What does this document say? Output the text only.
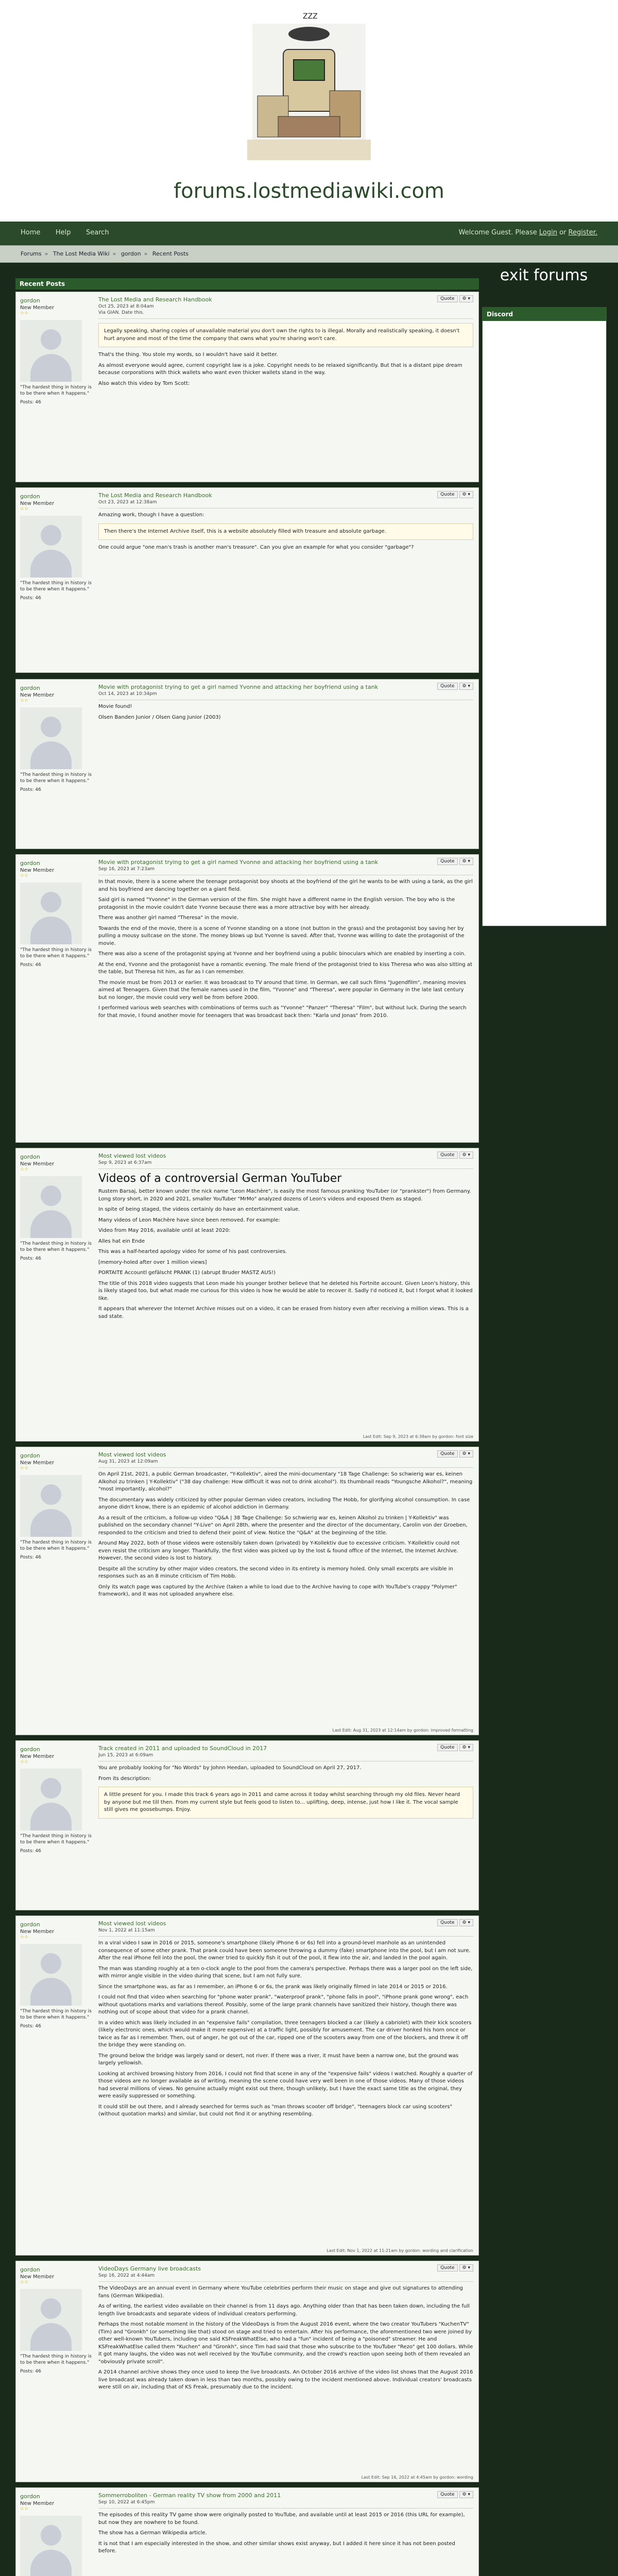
ZZZ
forums.lostmediawiki.com
Home Help Search	Welcome Guest. Please Login or Register.
Forums » The Lost Media Wiki » gordon » Recent Posts
Recent Posts	exit forums
Discord
gordon
New Member
☆☆
"The hardest thing in history is to be there when it happens."
Posts: 46
Quote ⚙ ▾
The Lost Media and Research Handbook
Oct 25, 2023 at 8:04am
Via GIAN. Date this.
Legally speaking, sharing copies of unavailable material you don't own the rights to is illegal. Morally and realistically speaking, it doesn't hurt anyone and most of the time the company that owns what you're sharing won't care.

That's the thing. You stole my words, so I wouldn't have said it better.

As almost everyone would agree, current copyright law is a joke. Copyright needs to be relaxed significantly. But that is a distant pipe dream because corporations with thick wallets who want even thicker wallets stand in the way.

Also watch this video by Tom Scott:

gordon
New Member
☆☆
"The hardest thing in history is to be there when it happens."
Posts: 46
Quote ⚙ ▾
The Lost Media and Research Handbook
Oct 23, 2023 at 12:38am

Amazing work, though I have a question:

Then there's the Internet Archive itself, this is a website absolutely filled with treasure and absolute garbage.

One could argue "one man's trash is another man's treasure". Can you give an example for what you consider "garbage"?

gordon
New Member
☆☆
"The hardest thing in history is to be there when it happens."
Posts: 46
Quote ⚙ ▾
Movie with protagonist trying to get a girl named Yvonne and attacking her boyfriend using a tank
Oct 14, 2023 at 10:34pm

Movie found!

Olsen Banden Junior / Olsen Gang Junior (2003)

gordon
New Member
☆☆
"The hardest thing in history is to be there when it happens."
Posts: 46
Quote ⚙ ▾
Movie with protagonist trying to get a girl named Yvonne and attacking her boyfriend using a tank
Sep 16, 2023 at 7:23am

In that movie, there is a scene where the teenage protagonist boy shoots at the boyfriend of the girl he wants to be with using a tank, as the girl and his boyfriend are dancing together on a giant field.

Said girl is named "Yvonne" in the German version of the film. She might have a different name in the English version. The boy who is the protagonist in the movie couldn't date Yvonne because there was a more attractive boy with her already.

There was another girl named "Theresa" in the movie.

Towards the end of the movie, there is a scene of Yvonne standing on a stone (not button in the grass) and the protagonist boy saving her by pulling a mousy suitcase on the stone. The money blows up but Yvonne is saved. After that, Yvonne was willing to date the protagonist of the movie.

There was also a scene of the protagonist spying at Yvonne and her boyfriend using a public binoculars which are enabled by inserting a coin.

At the end, Yvonne and the protagonist have a romantic evening. The male friend of the protagonist tried to kiss Theresa who was also sitting at the table, but Theresa hit him, as far as I can remember.

The movie must be from 2013 or earlier. It was broadcast to TV around that time. In German, we call such films "Jugendfilm", meaning movies aimed at Teenagers. Given that the female names used in the film, "Yvonne" and "Theresa", were popular in Germany in the late last century but no longer, the movie could very well be from before 2000.

I performed various web searches with combinations of terms such as "Yvonne" "Panzer" "Theresa" "Film", but without luck. During the search for that movie, I found another movie for teenagers that was broadcast back then: "Karla und Jonas" from 2010.

gordon
New Member
☆☆
"The hardest thing in history is to be there when it happens."
Posts: 46
Quote ⚙ ▾
Most viewed lost videos
Sep 9, 2023 at 6:37am
Videos of a controversial German YouTuber

Rustem Barsaj, better known under the nick name "Leon Machère", is easily the most famous pranking YouTuber (or "prankster") from Germany. Long story short, in 2020 and 2021, smaller YouTuber "MrMo" analyzed dozens of Leon's videos and exposed them as staged.

In spite of being staged, the videos certainly do have an entertainment value.

Many videos of Leon Machère have since been removed. For example:

Video from May 2016, available until at least 2020:

Alles hat ein Ende

This was a half-hearted apology video for some of his past controversies.

[memory-holed after over 1 million views]

PORTAITE Accountl gefälscht PRANK (1) (abrupt Bruder MASTZ AUS!)

The title of this 2018 video suggests that Leon made his younger brother believe that he deleted his Fortnite account. Given Leon's history, this is likely staged too, but what made me curious for this video is how he would be able to recover it. Sadly I'd noticed it, but I forgot what it looked like.

It appears that wherever the Internet Archive misses out on a video, it can be erased from history even after receiving a million views. This is a sad state.

Last Edit: Sep 9, 2023 at 6:38am by gordon: font size
gordon
New Member
☆☆
"The hardest thing in history is to be there when it happens."
Posts: 46
Quote ⚙ ▾
Most viewed lost videos
Aug 31, 2023 at 12:09am

On April 21st, 2021, a public German broadcaster, "Y-Kollektiv", aired the mini-documentary "18 Tage Challenge: So schwierig war es, keinen Alkohol zu trinken | Y-Kollektiv" ("38 day challenge: How difficult it was not to drink alcohol"). Its thumbnail reads "Youngsche Alkohol?", meaning "most importantly, alcohol?"

The documentary was widely criticized by other popular German video creators, including The Hobb, for glorifying alcohol consumption. In case anyone didn't know, there is an epidemic of alcohol addiction in Germany.

As a result of the criticism, a follow-up video "Q&A | 38 Tage Challenge: So schwierig war es, keinen Alkohol zu trinken | Y-Kollektiv" was published on the secondary channel "Y-Live" on April 28th, where the presenter and the director of the documentary, Carolin von der Groeben, responded to the criticism and tried to defend their point of view. Notice the "Q&A" at the beginning of the title.

Around May 2022, both of those videos were ostensibly taken down (privated) by Y-Kollektiv due to excessive criticism. Y-Kollektiv could not even resist the criticism any longer. Thankfully, the first video was picked up by the lost & found office of the Internet, the Internet Archive. However, the second video is lost to history.

Despite all the scrutiny by other major video creators, the second video in its entirety is memory holed. Only small excerpts are visible in responses such as an 8 minute criticism of Tim Hobb.

Only its watch page was captured by the Archive (taken a while to load due to the Archive having to cope with YouTube's crappy "Polymer" framework), and it was not uploaded anywhere else.

Last Edit: Aug 31, 2023 at 12:14am by gordon: improved formatting
gordon
New Member
☆☆
"The hardest thing in history is to be there when it happens."
Posts: 46
Quote ⚙ ▾
Track created in 2011 and uploaded to SoundCloud in 2017
Jun 15, 2023 at 6:09am

You are probably looking for "No Words" by Johnn Heedan, uploaded to SoundCloud on April 27, 2017.

From its description:

A little present for you. I made this track 6 years ago in 2011 and came across it today whilst searching through my old files. Never heard by anyone but me till then. From my current style but feels good to listen to... uplifting, deep, intense, just how I like it. The vocal sample still gives me goosebumps. Enjoy.
gordon
New Member
☆☆
"The hardest thing in history is to be there when it happens."
Posts: 46
Quote ⚙ ▾
Most viewed lost videos
Nov 1, 2022 at 11:15am

In a viral video I saw in 2016 or 2015, someone's smartphone (likely iPhone 6 or 6s) fell into a ground-level manhole as an unintended consequence of some other prank. That prank could have been someone throwing a dummy (fake) smartphone into the pool, but I am not sure. After the real iPhone fell into the pool, the owner tried to quickly fish it out of the pool, it flew into the air, and landed in the pool again.

The man was standing roughly at a ten o-clock angle to the pool from the camera's perspective. Perhaps there was a larger pool on the left side, with mirror angle visible in the video during that scene, but I am not fully sure.

Since the smartphone was, as far as I remember, an iPhone 6 or 6s, the prank was likely originally filmed in late 2014 or 2015 or 2016.

I could not find that video when searching for "phone water prank", "waterproof prank", "phone falls in pool", "iPhone prank gone wrong", each without quotations marks and variations thereof. Possibly, some of the large prank channels have sanitized their history, though there was nothing out of scope about that video for a prank channel.

In a video which was likely included in an "expensive fails" compilation, three teenagers blocked a car (likely a cabriolet) with their kick scooters (likely electronic ones, which would make it more expensive) at a traffic light, possibly for amusement. The car driver honked his horn once or twice as far as I remember. Then, out of anger, he got out of the car, ripped one of the scooters away from one of the blockers, and threw it off the bridge they were standing on.

The ground below the bridge was largely sand or desert, not river. If there was a river, it must have been a narrow one, but the ground was largely yellowish.

Looking at archived browsing history from 2016, I could not find that scene in any of the "expensive fails" videos I watched. Roughly a quarter of those videos are no longer available as of writing, meaning the scene could have very well been in one of those videos. Many of those videos had several millions of views. No genuine actually might exist out there, though unlikely, but I have the exact same title as the original, they were easily suppressed or something.

It could still be out there, and I already searched for terms such as "man throws scooter off bridge", "teenagers block car using scooters" (without quotation marks) and similar, but could not find it or anything resembling.

Last Edit: Nov 1, 2022 at 11:21am by gordon: wording and clarification
gordon
New Member
☆☆
"The hardest thing in history is to be there when it happens."
Posts: 46
Quote ⚙ ▾
VideoDays Germany live broadcasts
Sep 16, 2022 at 4:44am

The VideoDays are an annual event in Germany where YouTube celebrities perform their music on stage and give out signatures to attending fans (German Wikipedia).

As of writing, the earliest video available on their channel is from 11 days ago. Anything older than that has been taken down, including the full length live broadcasts and separate videos of individual creators performing.

Perhaps the most notable moment in the history of the VideoDays is from the August 2016 event, where the two creator YouTubers "KuchenTV" (Tim) and "Gronkh" (or something like that) stood on stage and tried to entertain. After his performance, the aforementioned two were joined by other well-known YouTubers, including one said KSFreakWhatElse, who had a "fun" incident of being a "poisoned" streamer. He and KSFreakWhatElse called them "Kuchen" and "Gronkh", since Tim had said that those who subscribe to the YouTuber "Rezo" get 100 dollars. While it got many laughs, the video was not well received by the YouTube community, and the crowd's reaction upon seeing both of them revealed an "obviously private scroll".

A 2014 channel archive shows they once used to keep the live broadcasts. An October 2016 archive of the video list shows that the August 2016 live broadcast was already taken down in less than two months, possibly owing to the incident mentioned above. Individual creators' broadcasts were still on air, including that of KS Freak, presumably due to the incident.

Last Edit: Sep 16, 2022 at 4:45am by gordon: wording
gordon
New Member
☆☆
Quote ⚙ ▾
Sommerroboliten - German reality TV show from 2000 and 2011
Sep 10, 2022 at 6:45pm

The episodes of this reality TV game show were originally posted to YouTube, and available until at least 2015 or 2016 (this URL for example), but now they are nowhere to be found.

The show has a German Wikipedia article.

It is not that I am especially interested in the show, and other similar shows exist anyway, but I added it here since it has not been posted before.
